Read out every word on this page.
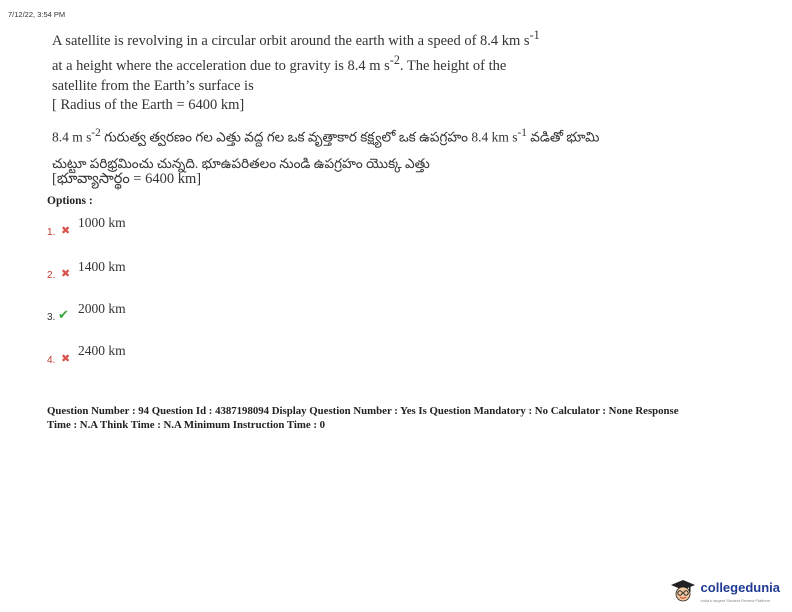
7/12/22, 3:54 PM

A satellite is revolving in a circular orbit around the earth with a speed of 8.4 km $s^{-1}$

at a height where the acceleration due to gravity is 8.4 m $s^{-2}$. The height of the

satellite from the Earth’s surface is

[ Radius of the Earth = 6400 km]

8.4 m $s^{-2}$ గురుత్వ త్వరణం గల ఎత్తు వద్ద గల ఒక వృత్తాకార కక్ష్యలో ఒక ఉపగ్రహం 8.4 km $s^{-1}$ వడితో భూమి

చుట్టూ పరిభ్రమించు చున్నది. భూఉపరితలం నుండి ఉపగ్రహం యొక్క ఎత్తు

[భూవ్యాసార్థం = 6400 km]
Options :
1. ✖
1000 km
2. ✖ 1400 km
3. ✔ 2000 km
4. ✖
2400 km

Question Number : 94 Question Id : 4387198094 Display Question Number : Yes Is Question Mandatory : No Calculator : None Response

Time : N.A Think Time : N.A Minimum Instruction Time : 0

collegedunia
India's largest Student Review Platform
